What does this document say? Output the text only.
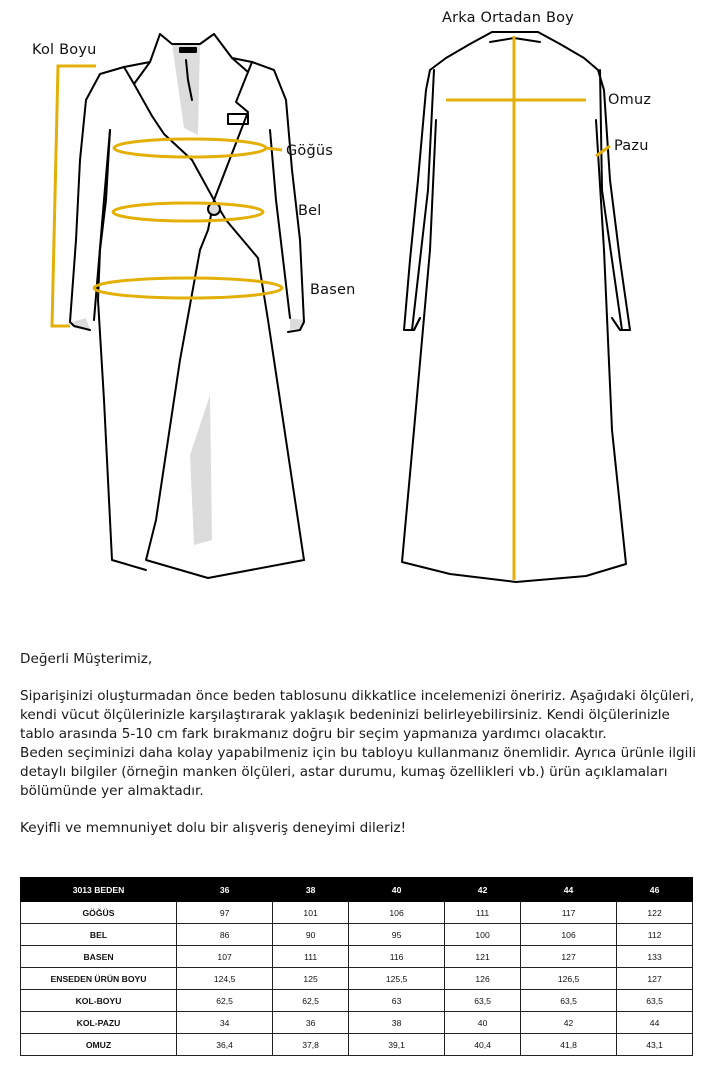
Kol Boyu
Göğüs
Bel
Basen
Arka Ortadan Boy
Omuz
Pazu

Değerli Müşterimiz,

Siparişinizi oluşturmadan önce beden tablosunu dikkatlice incelemenizi öneririz. Aşağıdaki ölçüleri, kendi vücut ölçülerinizle karşılaştırarak yaklaşık bedeninizi belirleyebilirsiniz. Kendi ölçülerinizle tablo arasında 5-10 cm fark bırakmanız doğru bir seçim yapmanıza yardımcı olacaktır.

Beden seçiminizi daha kolay yapabilmeniz için bu tabloyu kullanmanız önemlidir. Ayrıca ürünle ilgili detaylı bilgiler (örneğin manken ölçüleri, astar durumu, kumaş özellikleri vb.) ürün açıklamaları bölümünde yer almaktadır.

Keyifli ve memnuniyet dolu bir alışveriş deneyimi dileriz!

3013 BEDEN	36	38	40	42	44	46
GÖĞÜS	97	101	106	111	117	122
BEL	86	90	95	100	106	112
BASEN	107	111	116	121	127	133
ENSEDEN ÜRÜN BOYU	124,5	125	125,5	126	126,5	127
KOL-BOYU	62,5	62,5	63	63,5	63,5	63,5
KOL-PAZU	34	36	38	40	42	44
OMUZ	36,4	37,8	39,1	40,4	41,8	43,1
